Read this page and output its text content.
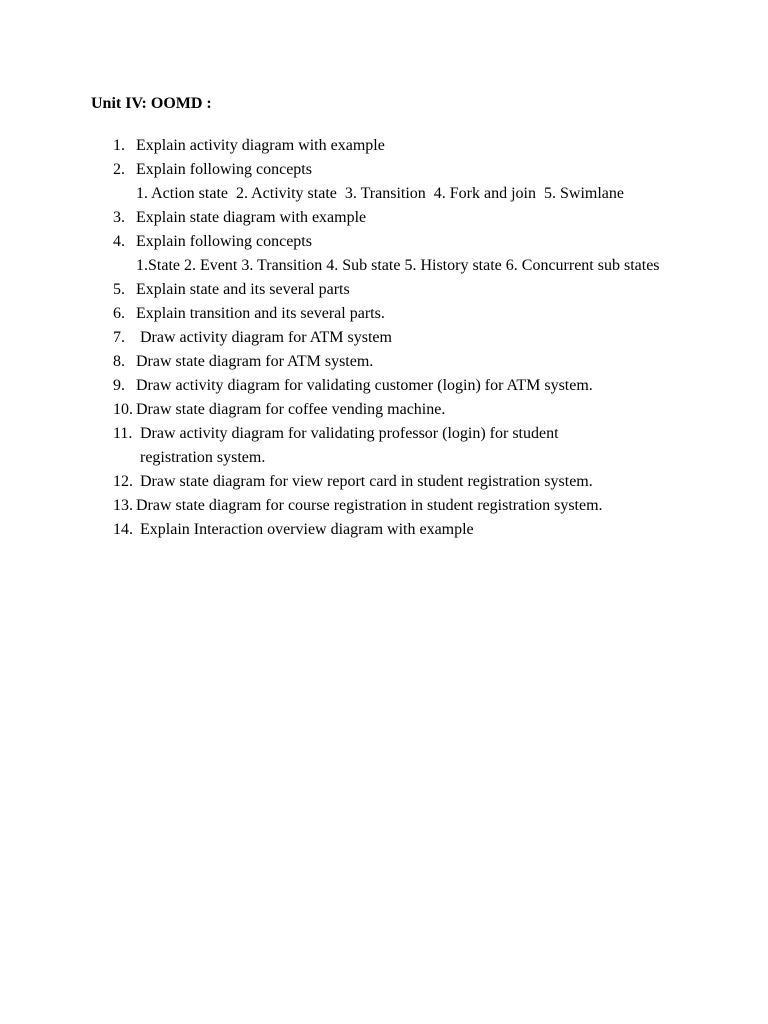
Unit IV: OOMD :
1. Explain activity diagram with example
2. Explain following concepts
1. Action state  2. Activity state  3. Transition  4. Fork and join  5. Swimlane
3. Explain state diagram with example
4. Explain following concepts
1.State 2. Event 3. Transition 4. Sub state 5. History state 6. Concurrent sub states
5. Explain state and its several parts
6. Explain transition and its several parts.
7. Draw activity diagram for ATM system
8. Draw state diagram for ATM system.
9. Draw activity diagram for validating customer (login) for ATM system.
10. Draw state diagram for coffee vending machine.
11. Draw activity diagram for validating professor (login) for student registration system.
12. Draw state diagram for view report card in student registration system.
13. Draw state diagram for course registration in student registration system.
14. Explain Interaction overview diagram with example
